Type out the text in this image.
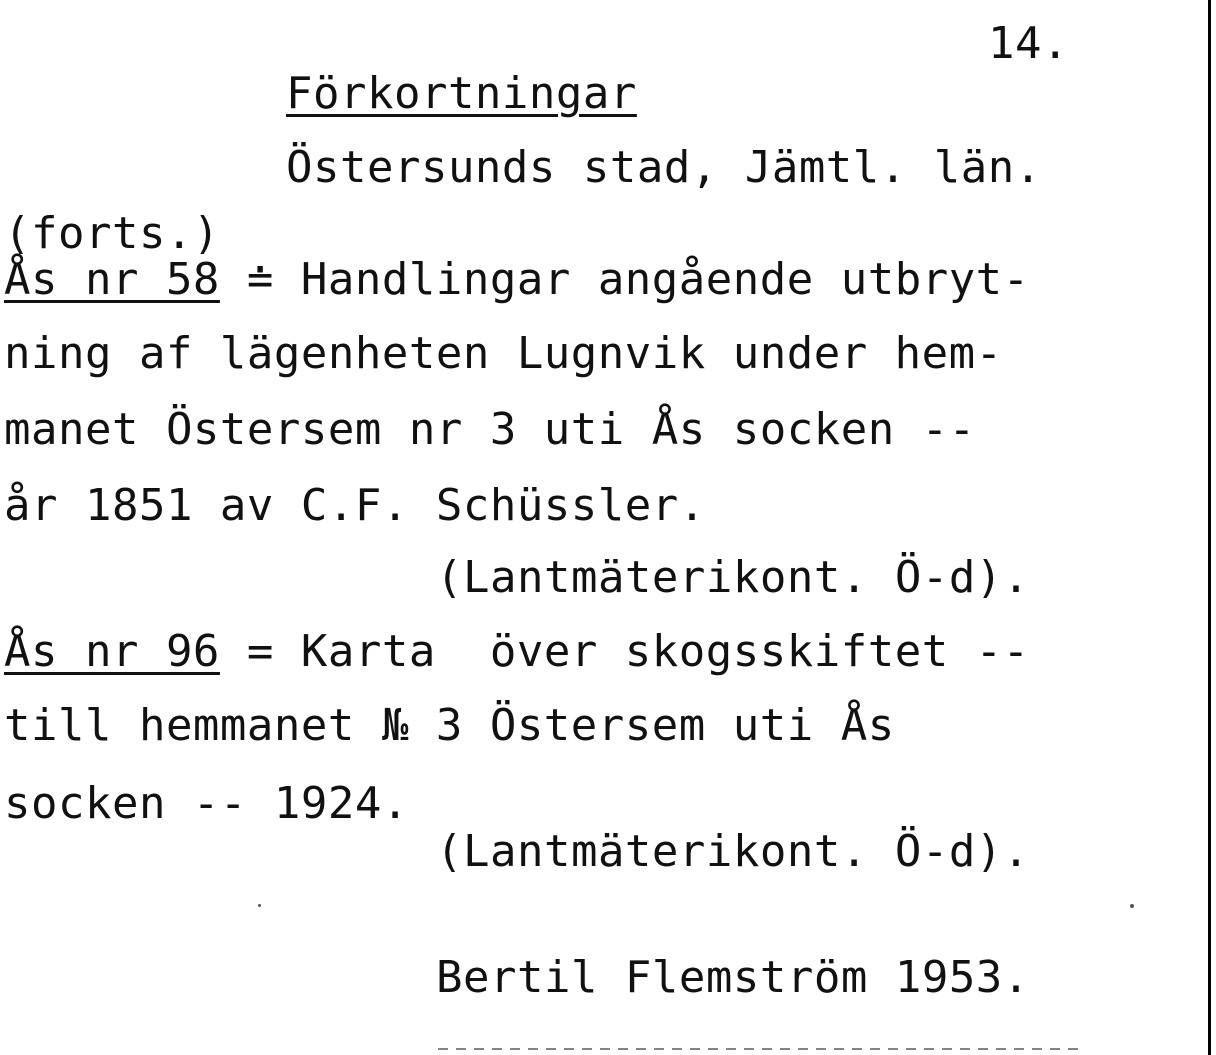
14.
Förkortningar
Östersunds stad, Jämtl. län.
(forts.)
Ås nr 58 ≐ Handlingar angående utbryt-
ning af lägenheten Lugnvik under hem-
manet Östersem nr 3 uti Ås socken --
år 1851 av C.F. Schüssler.
(Lantmäterikont. Ö-d).
Ås nr 96 = Karta  över skogsskiftet --
till hemmanet № 3 Östersem uti Ås
socken -- 1924.
(Lantmäterikont. Ö-d).
Bertil Flemström 1953.
